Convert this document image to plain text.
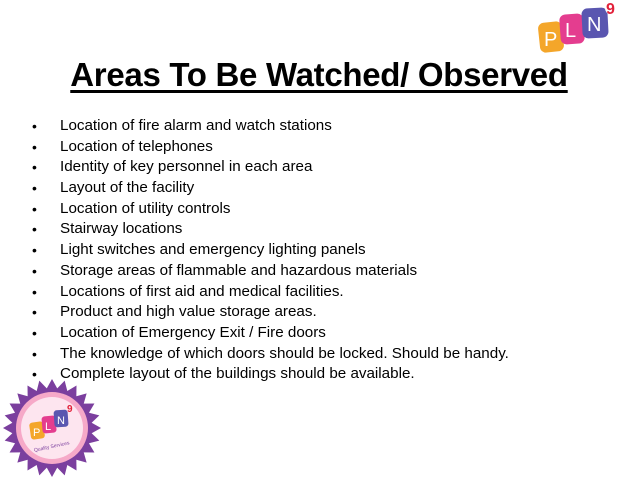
P L N
9
Areas To Be Watched/ Observed
• Location of fire alarm and watch stations
• Location of telephones
• Identity of key personnel in each area
• Layout of the facility
• Location of utility controls
• Stairway locations
• Light switches and emergency lighting panels
• Storage areas of flammable and hazardous materials
• Locations of first aid and medical facilities.
• Product and high value storage areas.
• Location of Emergency Exit / Fire doors
• The knowledge of which doors should be locked. Should be handy.
• Complete layout of the buildings should be available.
P L N
9
Quality Services
